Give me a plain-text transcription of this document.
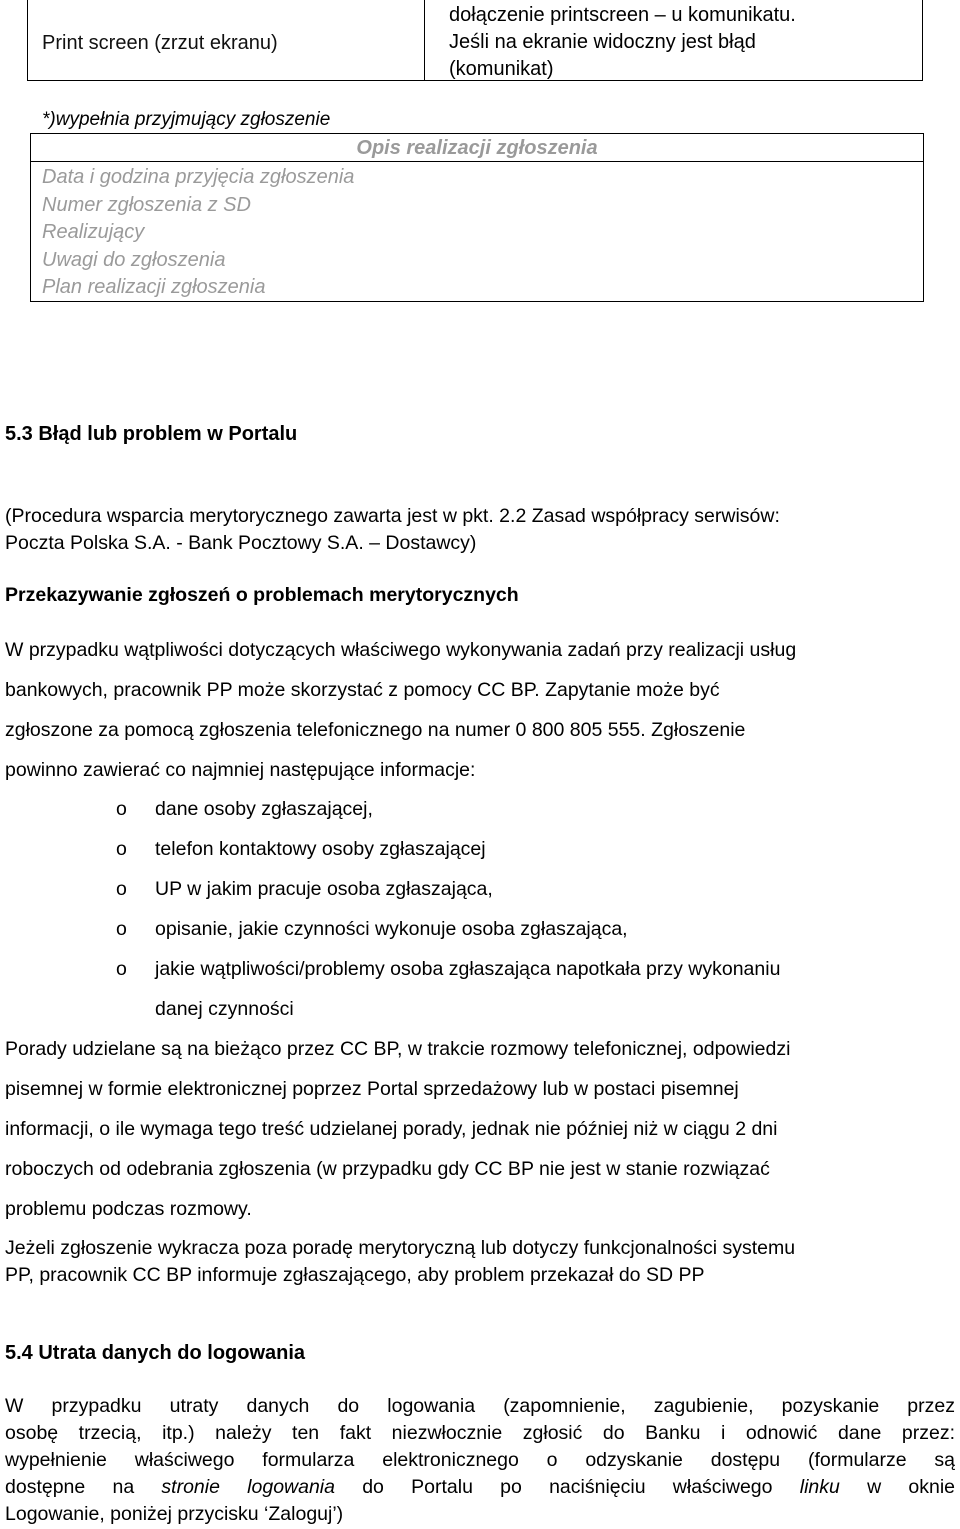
Print screen (zrzut ekranu)
dołączenie printscreen – u komunikatu.
Jeśli na ekranie widoczny jest błąd
(komunikat)
*)wypełnia przyjmujący zgłoszenie
Opis realizacji zgłoszenia
Data i godzina przyjęcia zgłoszenia
Numer zgłoszenia z SD
Realizujący
Uwagi do zgłoszenia
Plan realizacji zgłoszenia
5.3 Błąd lub problem w Portalu
(Procedura wsparcia merytorycznego zawarta jest w pkt. 2.2 Zasad współpracy serwisów:
Poczta Polska S.A. - Bank Pocztowy S.A. – Dostawcy)
Przekazywanie zgłoszeń o problemach merytorycznych
W przypadku wątpliwości dotyczących właściwego wykonywania zadań przy realizacji usług
bankowych, pracownik PP może skorzystać z pomocy CC BP. Zapytanie może być
zgłoszone za pomocą zgłoszenia telefonicznego na numer 0 800 805 555. Zgłoszenie
powinno zawierać co najmniej następujące informacje:
o dane osoby zgłaszającej,
o telefon kontaktowy osoby zgłaszającej
o UP w jakim pracuje osoba zgłaszająca,
o opisanie, jakie czynności wykonuje osoba zgłaszająca,
o jakie wątpliwości/problemy osoba zgłaszająca napotkała przy wykonaniu
danej czynności
Porady udzielane są na bieżąco przez CC BP, w trakcie rozmowy telefonicznej, odpowiedzi
pisemnej w formie elektronicznej poprzez Portal sprzedażowy lub w postaci pisemnej
informacji, o ile wymaga tego treść udzielanej porady, jednak nie później niż w ciągu 2 dni
roboczych od odebrania zgłoszenia (w przypadku gdy CC BP nie jest w stanie rozwiązać
problemu podczas rozmowy.
Jeżeli zgłoszenie wykracza poza poradę merytoryczną lub dotyczy funkcjonalności systemu
PP, pracownik CC BP informuje zgłaszającego, aby problem przekazał do SD PP
5.4 Utrata danych do logowania
W przypadku utraty danych do logowania (zapomnienie, zagubienie, pozyskanie przez
osobę trzecią, itp.) należy ten fakt niezwłocznie zgłosić do Banku i odnowić dane przez:
wypełnienie właściwego formularza elektronicznego o odzyskanie dostępu (formularze są
dostępne na stronie logowania do Portalu po naciśnięciu właściwego linku w oknie
Logowanie, poniżej przycisku ‘Zaloguj’)
